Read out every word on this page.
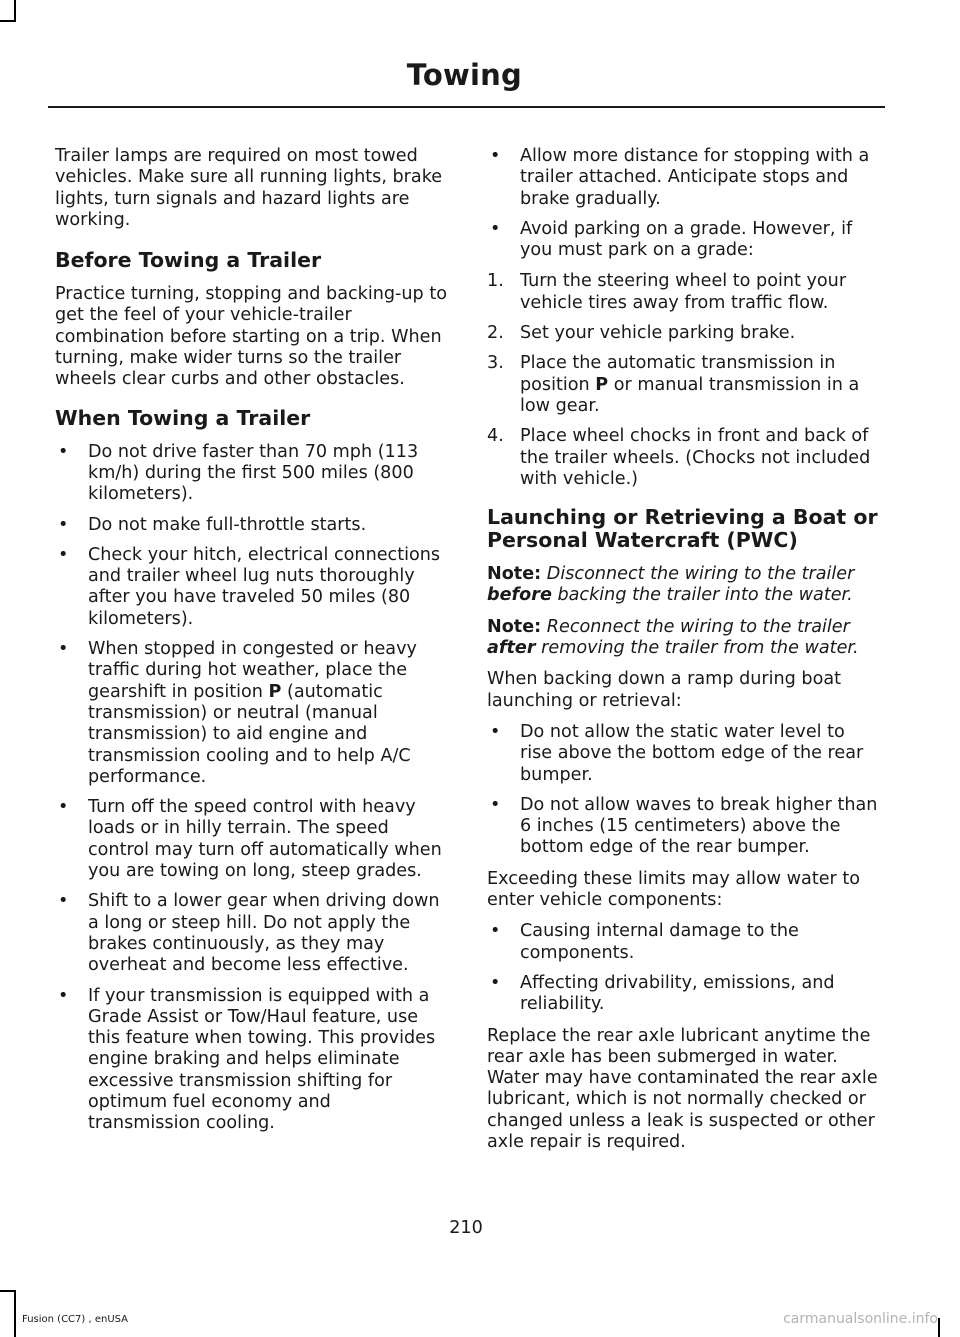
Towing

Trailer lamps are required on most towed vehicles. Make sure all running lights, brake lights, turn signals and hazard lights are working.

Before Towing a Trailer

Practice turning, stopping and backing-up to get the feel of your vehicle-trailer combination before starting on a trip. When turning, make wider turns so the trailer wheels clear curbs and other obstacles.

When Towing a Trailer
•	Do not drive faster than 70 mph (113 km/h) during the first 500 miles (800 kilometers).
•	Do not make full-throttle starts.
•	Check your hitch, electrical connections and trailer wheel lug nuts thoroughly after you have traveled 50 miles (80 kilometers).
•	When stopped in congested or heavy traffic during hot weather, place the gearshift in position P (automatic transmission) or neutral (manual transmission) to aid engine and transmission cooling and to help A/C performance.
•	Turn off the speed control with heavy loads or in hilly terrain. The speed control may turn off automatically when you are towing on long, steep grades.
•	Shift to a lower gear when driving down a long or steep hill. Do not apply the brakes continuously, as they may overheat and become less effective.
•	If your transmission is equipped with a Grade Assist or Tow/Haul feature, use this feature when towing. This provides engine braking and helps eliminate excessive transmission shifting for optimum fuel economy and transmission cooling.
•	Allow more distance for stopping with a trailer attached. Anticipate stops and brake gradually.
•	Avoid parking on a grade. However, if you must park on a grade:
1. Turn the steering wheel to point your vehicle tires away from traffic flow.
2. Set your vehicle parking brake.
3. Place the automatic transmission in position P or manual transmission in a low gear.
4. Place wheel chocks in front and back of the trailer wheels. (Chocks not included with vehicle.)
Launching or Retrieving a Boat or Personal Watercraft (PWC)

Note: Disconnect the wiring to the trailer before backing the trailer into the water.

Note: Reconnect the wiring to the trailer after removing the trailer from the water.

When backing down a ramp during boat launching or retrieval:

•	Do not allow the static water level to rise above the bottom edge of the rear bumper.
•	Do not allow waves to break higher than 6 inches (15 centimeters) above the bottom edge of the rear bumper.

Exceeding these limits may allow water to enter vehicle components:

•	Causing internal damage to the components.
•	Affecting drivability, emissions, and reliability.

Replace the rear axle lubricant anytime the rear axle has been submerged in water. Water may have contaminated the rear axle lubricant, which is not normally checked or changed unless a leak is suspected or other axle repair is required.

210
Fusion (CC7) , enUSA	carmanualsonline.info
